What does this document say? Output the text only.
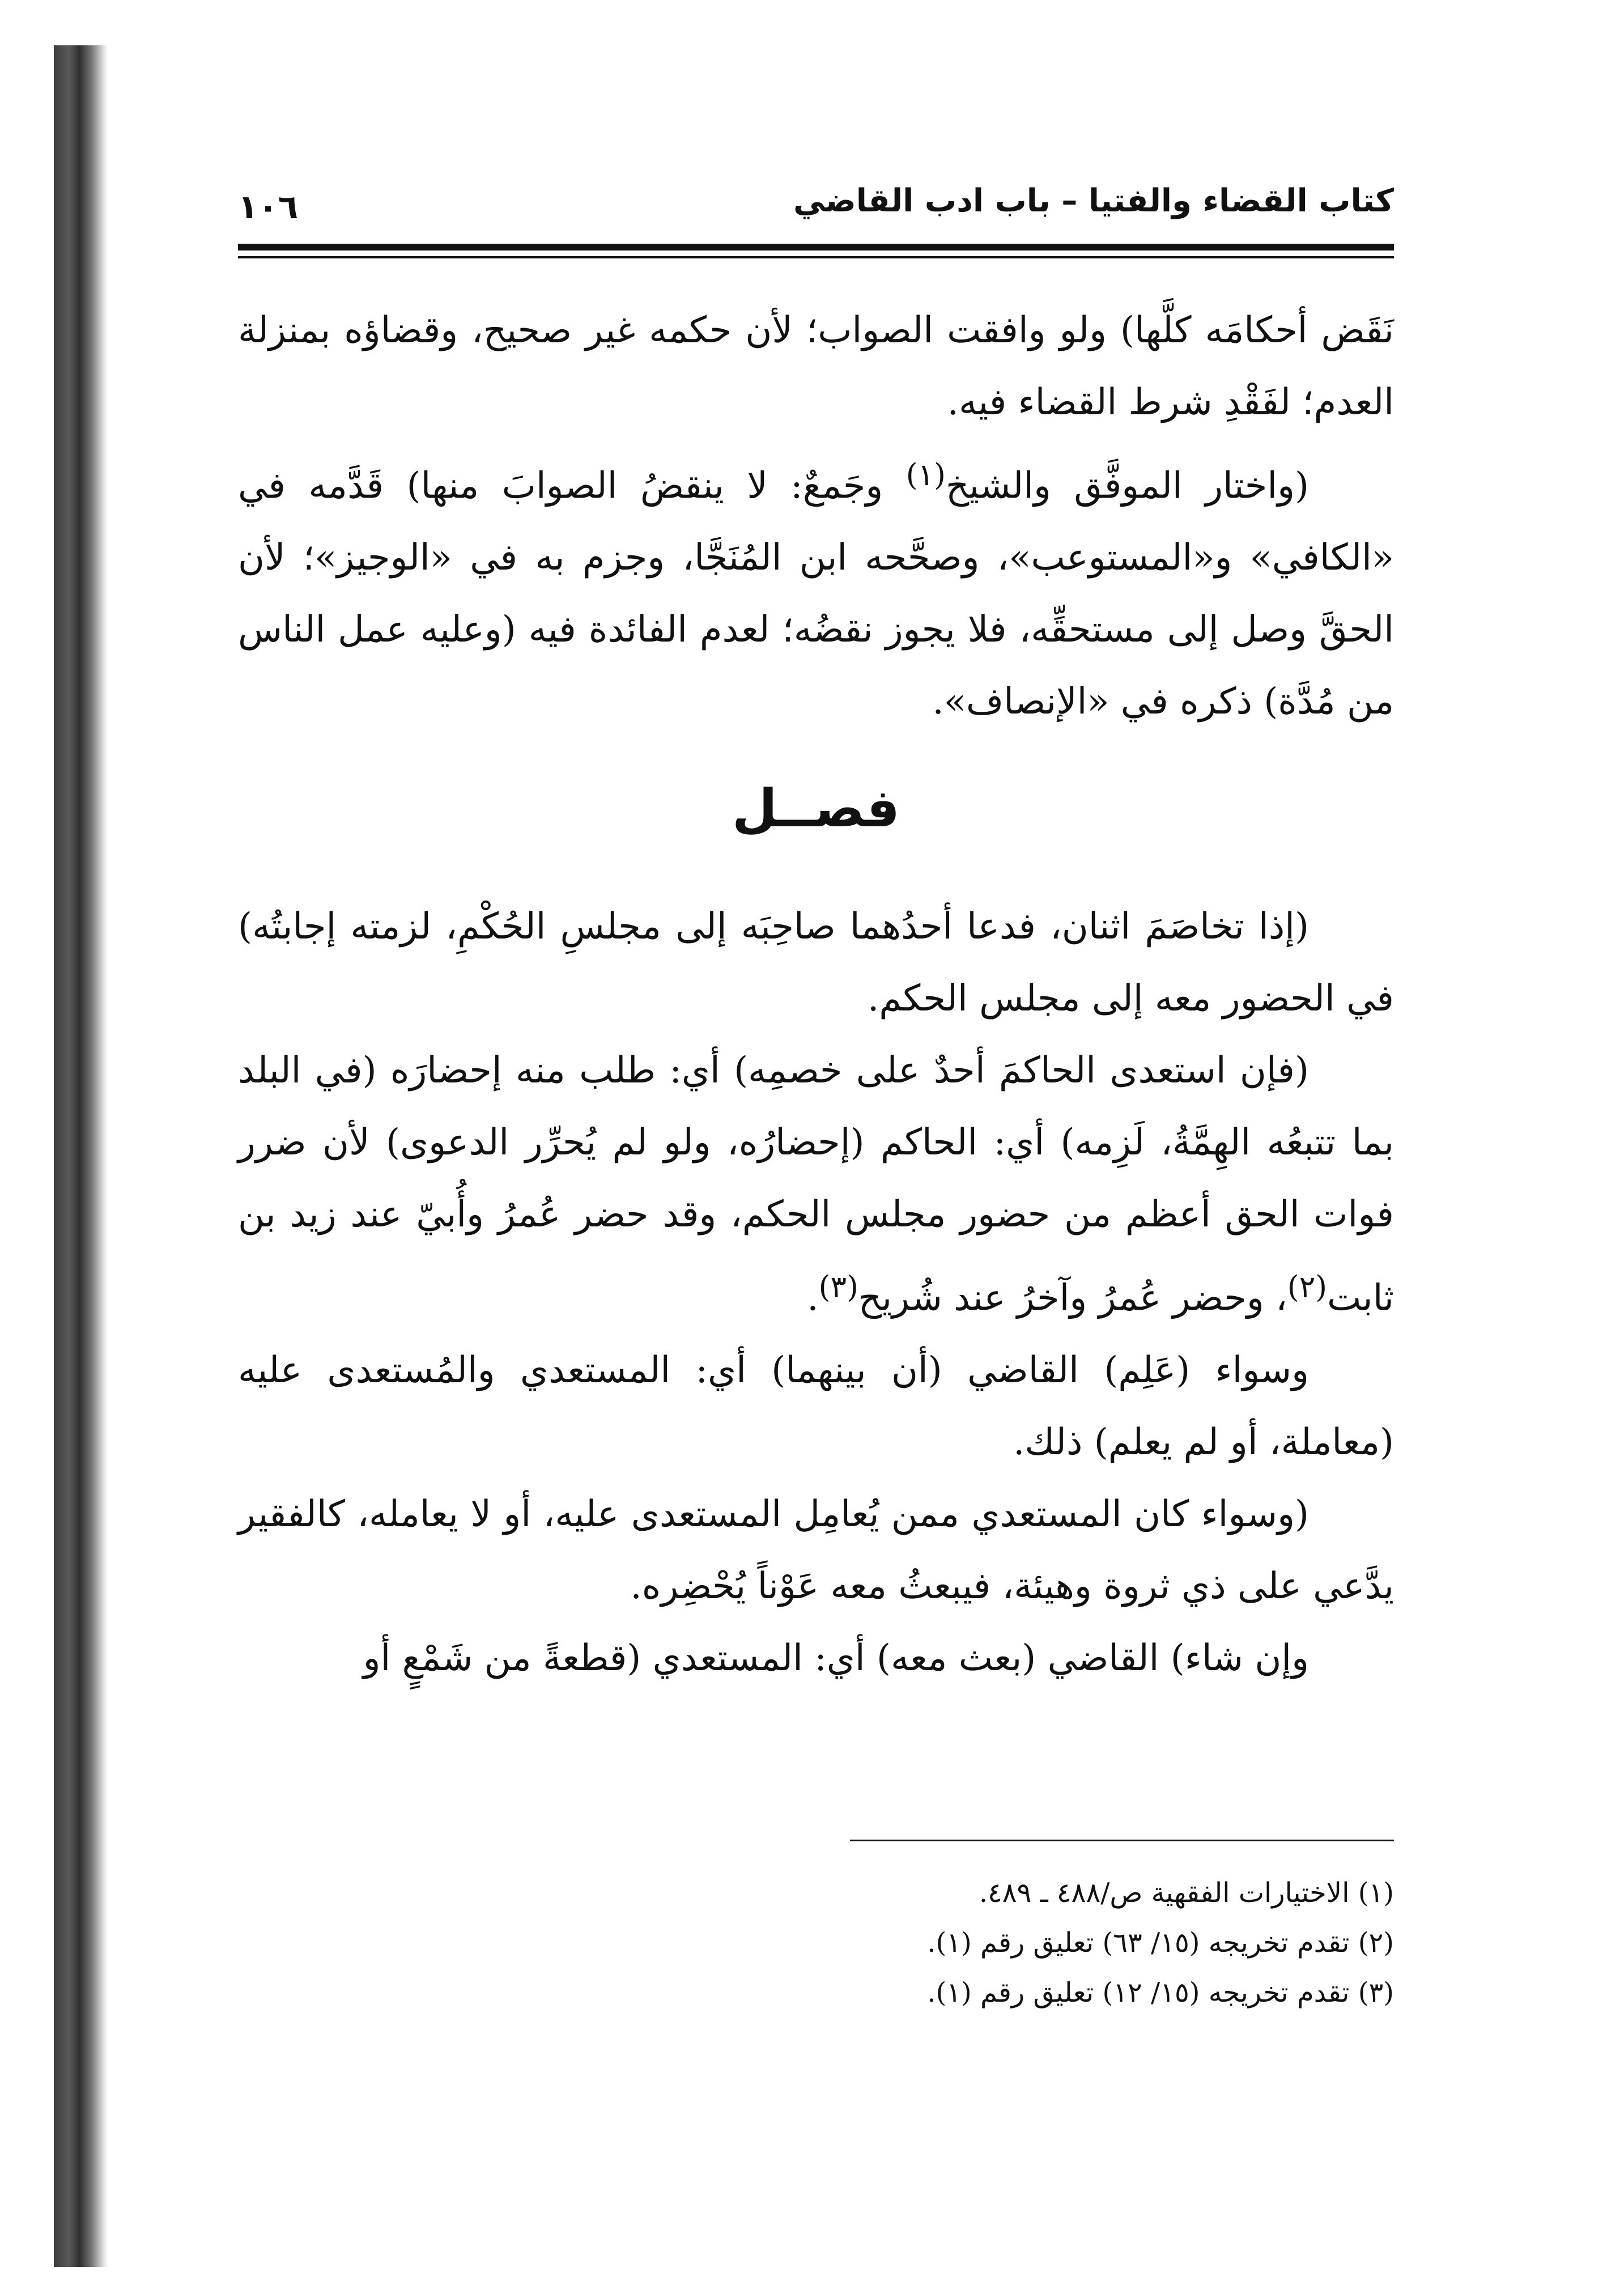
كتاب القضاء والفتيا – باب ادب القاضي
١٠٦

نَقَض أحكامَه كلَّها) ولو وافقت الصواب؛ لأن حكمه غير صحيح، وقضاؤه بمنزلة العدم؛ لفَقْدِ شرط القضاء فيه.

(واختار الموفَّق والشيخ$^{(١)}$ وجَمعٌ: لا ينقضُ الصوابَ منها) قَدَّمه في «الكافي» و«المستوعب»، وصحَّحه ابن المُنَجَّا، وجزم به في «الوجيز»؛ لأن الحقَّ وصل إلى مستحقِّه، فلا يجوز نقضُه؛ لعدم الفائدة فيه (وعليه عمل الناس من مُدَّة) ذكره في «الإنصاف».

فصــل

(إذا تخاصَمَ اثنان، فدعا أحدُهما صاحِبَه إلى مجلسِ الحُكْمِ، لزمته إجابتُه) في الحضور معه إلى مجلس الحكم.

(فإن استعدى الحاكمَ أحدٌ على خصمِه) أي: طلب منه إحضارَه (في البلد بما تتبعُه الهِمَّةُ، لَزِمه) أي: الحاكم (إحضارُه، ولو لم يُحرِّر الدعوى) لأن ضرر فوات الحق أعظم من حضور مجلس الحكم، وقد حضر عُمرُ وأُبيّ عند زيد بن ثابت$^{(٢)}$، وحضر عُمرُ وآخرُ عند شُريح$^{(٣)}$.

وسواء (عَلِم) القاضي (أن بينهما) أي: المستعدي والمُستعدى عليه (معاملة، أو لم يعلم) ذلك.

(وسواء كان المستعدي ممن يُعامِل المستعدى عليه، أو لا يعامله، كالفقير يدَّعي على ذي ثروة وهيئة، فيبعثُ معه عَوْناً يُحْضِره.

وإن شاء) القاضي (بعث معه) أي: المستعدي (قطعةً من شَمْعٍ أو

(١) الاختيارات الفقهية ص/٤٨٨ ـ ٤٨٩.

(٢) تقدم تخريجه (١٥/ ٦٣) تعليق رقم (١).

(٣) تقدم تخريجه (١٥/ ١٢) تعليق رقم (١).
